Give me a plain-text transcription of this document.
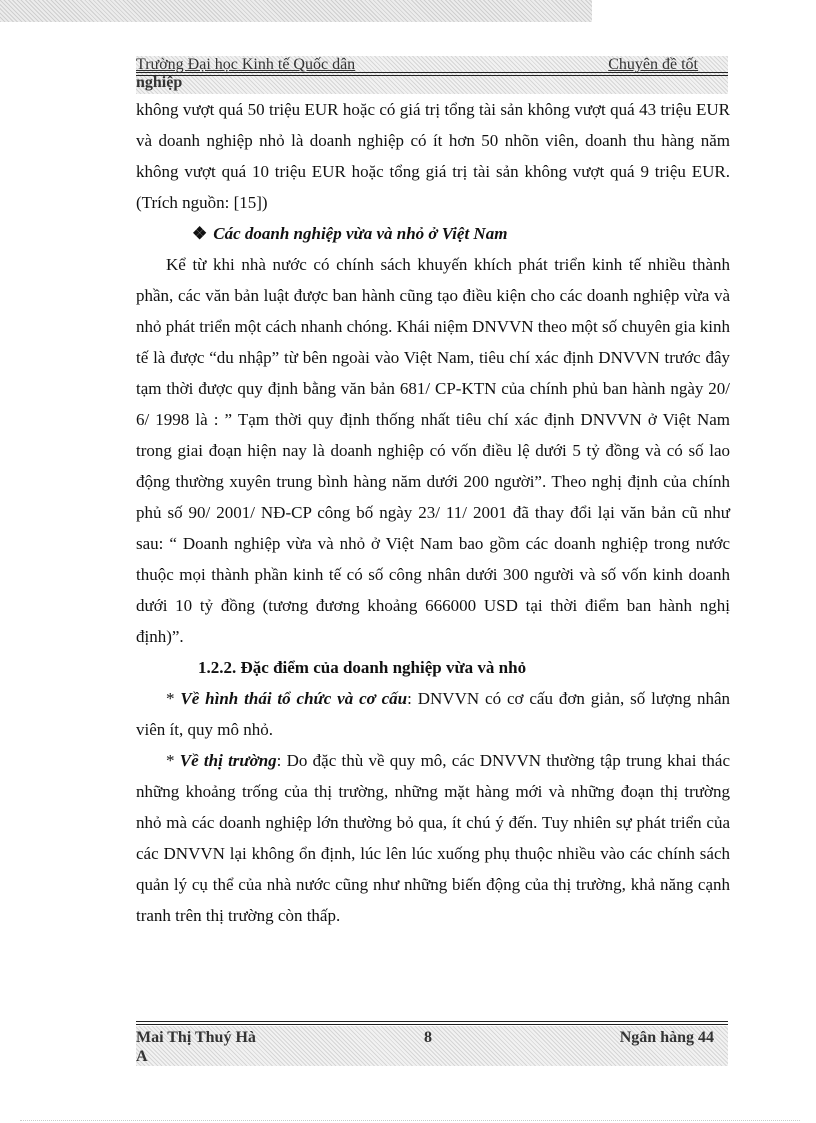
Trường Đại học Kinh tế Quốc dân	Chuyên đề tốt
nghiệp

không vượt quá 50 triệu EUR hoặc có giá trị tổng tài sản không vượt quá 43 triệu EUR và doanh nghiệp nhỏ là doanh nghiệp có ít hơn 50 nhõn viên, doanh thu hàng năm không vượt quá 10 triệu EUR hoặc tổng giá trị tài sản không vượt quá 9 triệu EUR. (Trích nguồn: [15])

❖ Các doanh nghiệp vừa và nhỏ ở Việt Nam

Kể từ khi nhà nước có chính sách khuyến khích phát triển kinh tế nhiều thành phần, các văn bản luật được ban hành cũng tạo điều kiện cho các doanh nghiệp vừa và nhỏ phát triển một cách nhanh chóng. Khái niệm DNVVN theo một số chuyên gia kinh tế là được “du nhập” từ bên ngoài vào Việt Nam, tiêu chí xác định DNVVN trước đây tạm thời được quy định bằng văn bản 681/ CP-KTN của chính phủ ban hành ngày 20/ 6/ 1998 là : ” Tạm thời quy định thống nhất tiêu chí xác định DNVVN ở Việt Nam trong giai đoạn hiện nay là doanh nghiệp có vốn điều lệ dưới 5 tỷ đồng và có số lao động thường xuyên trung bình hàng năm dưới 200 người”. Theo nghị định của chính phủ số 90/ 2001/ NĐ-CP công bố ngày 23/ 11/ 2001 đã thay đổi lại văn bản cũ như sau: “ Doanh nghiệp vừa và nhỏ ở Việt Nam bao gồm các doanh nghiệp trong nước thuộc mọi thành phần kinh tế có số công nhân dưới 300 người và số vốn kinh doanh dưới 10 tỷ đồng (tương đương khoảng 666000 USD tại thời điểm ban hành nghị định)”.

1.2.2. Đặc điểm của doanh nghiệp vừa và nhỏ

* Về hình thái tổ chức và cơ cấu: DNVVN có cơ cấu đơn giản, số lượng nhân viên ít, quy mô nhỏ.

* Về thị trường: Do đặc thù về quy mô, các DNVVN thường tập trung khai thác những khoảng trống của thị trường, những mặt hàng mới và những đoạn thị trường nhỏ mà các doanh nghiệp lớn thường bỏ qua, ít chú ý đến. Tuy nhiên sự phát triển của các DNVVN lại không ổn định, lúc lên lúc xuống phụ thuộc nhiều vào các chính sách quản lý cụ thể của nhà nước cũng như những biến động của thị trường, khả năng cạnh tranh trên thị trường còn thấp.

Mai Thị Thuý Hà	8	Ngân hàng 44
A
